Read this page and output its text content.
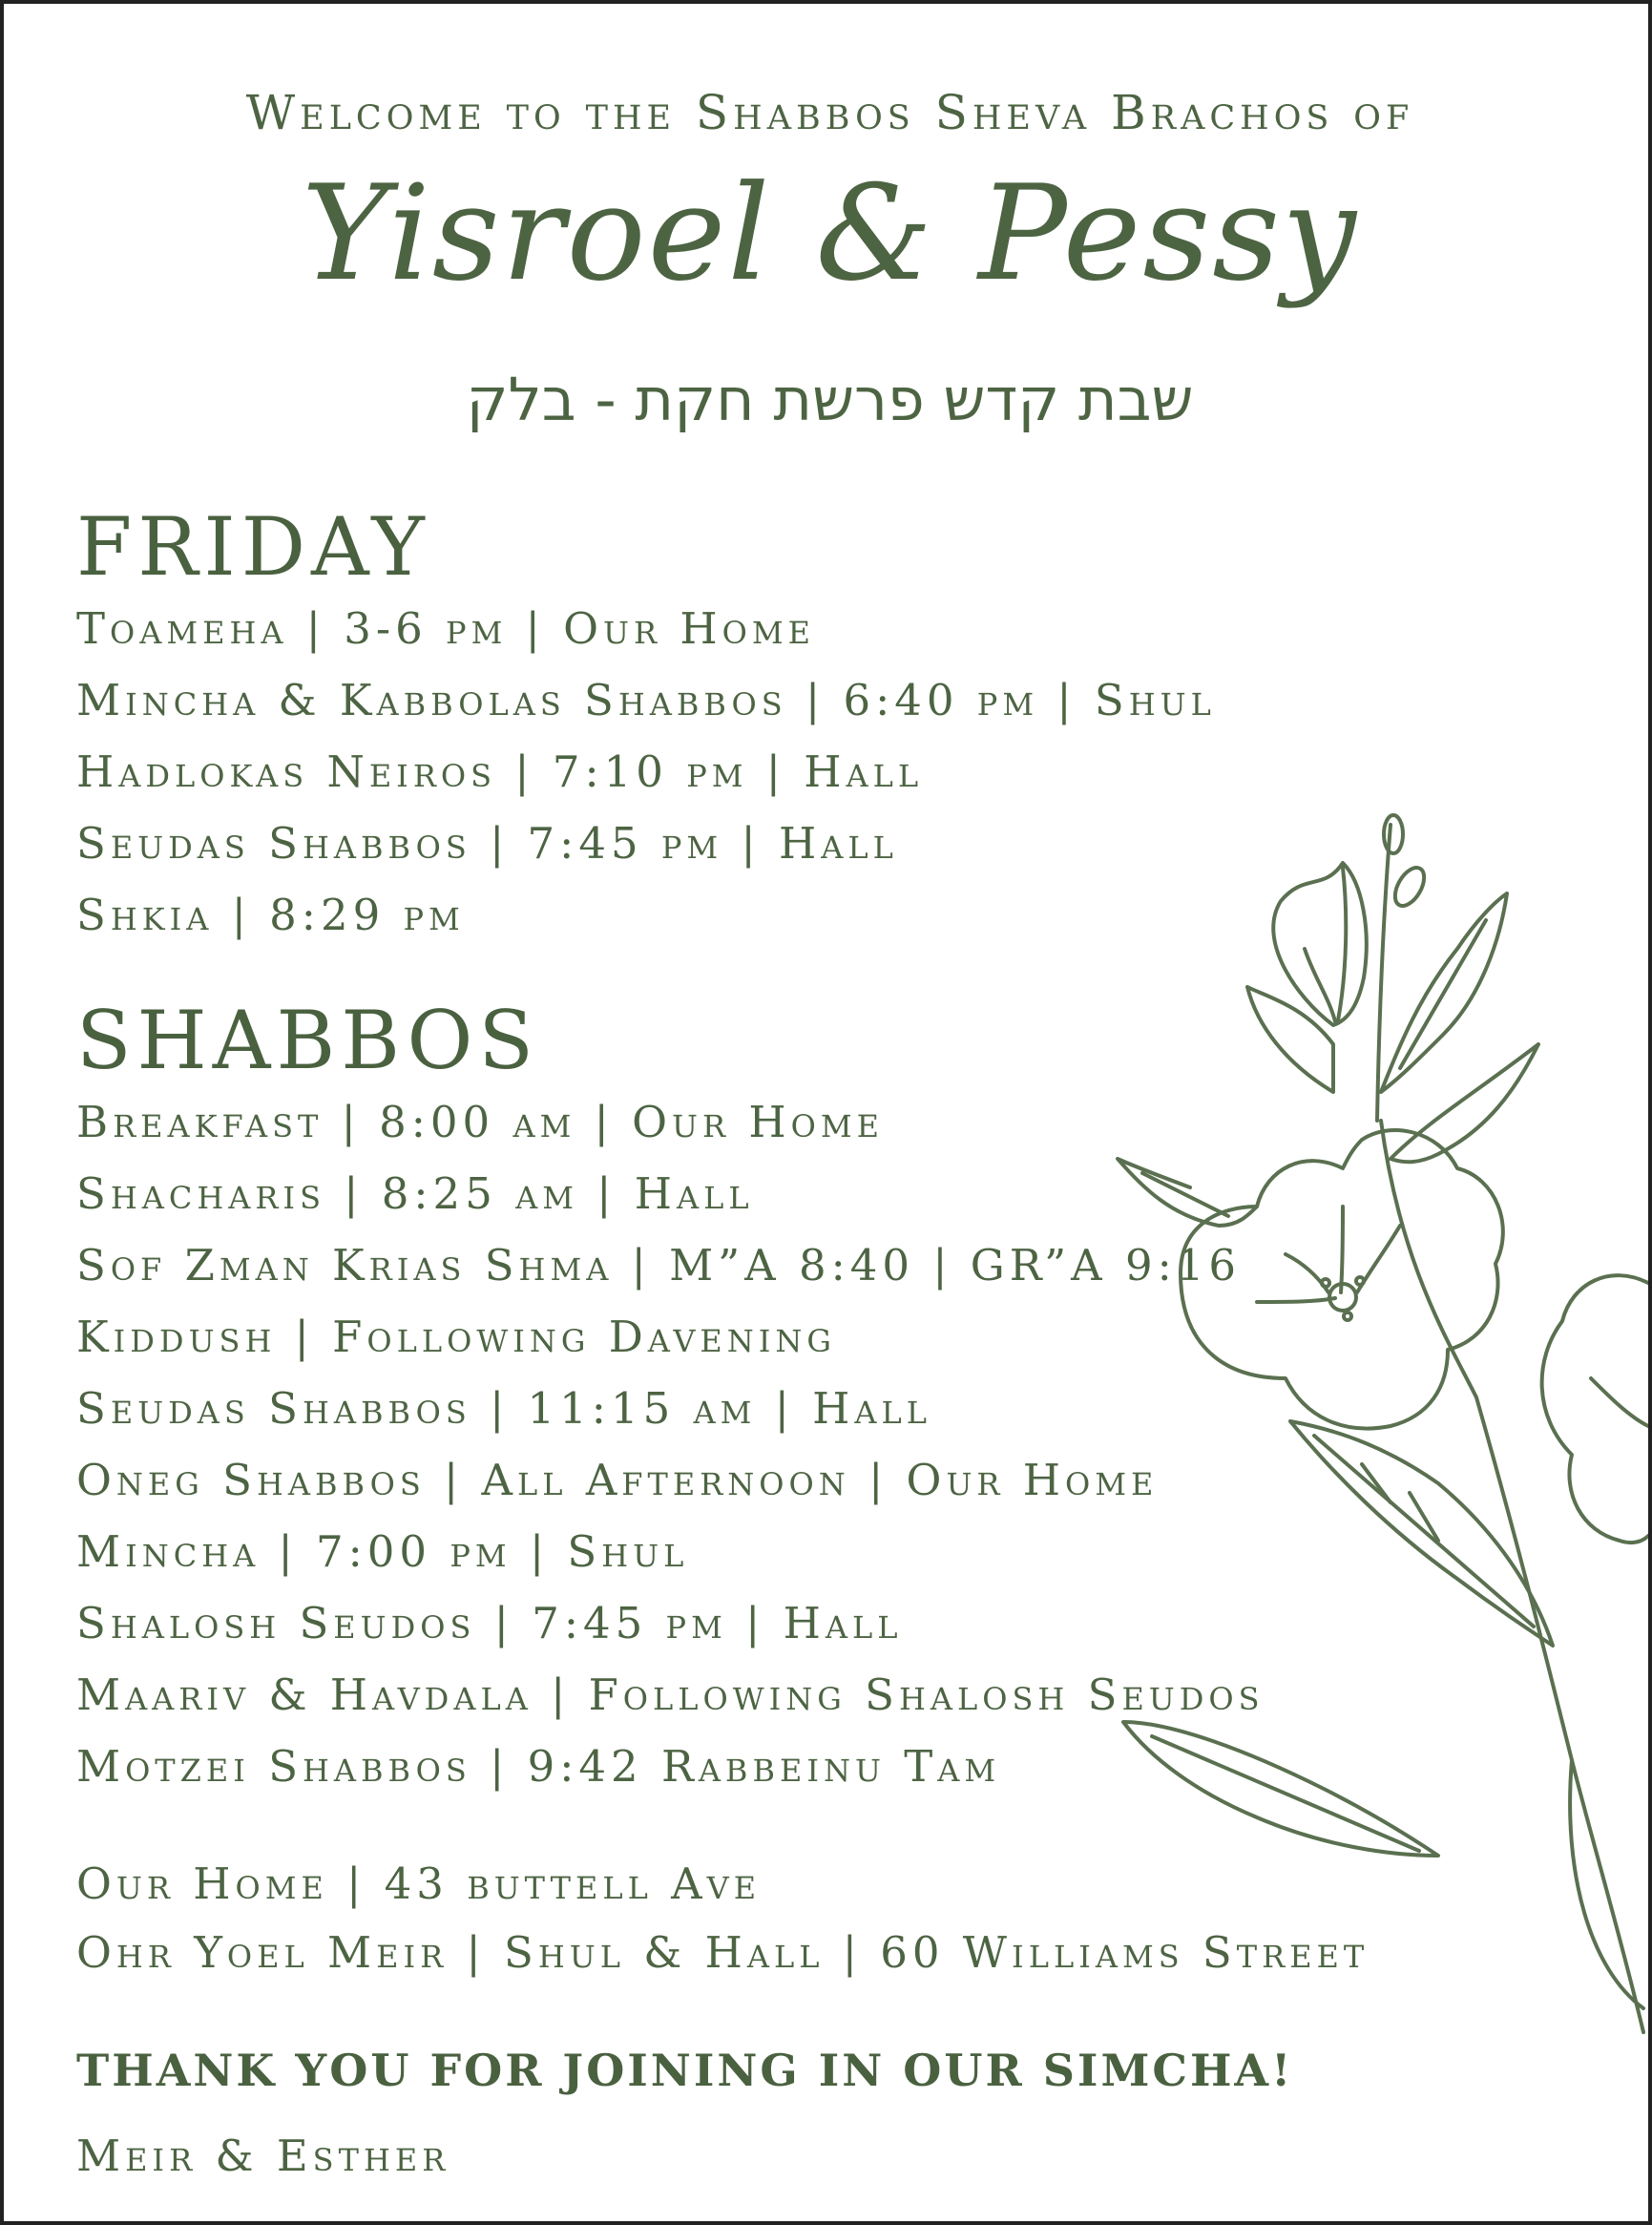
Welcome to the Shabbos Sheva Brachos of
Yisroel & Pessy
שבת קדש פרשת חקת - בלק
FRIDAY

Toameha | 3-6 pm | Our Home

Mincha & Kabbolas Shabbos | 6:40 pm | Shul

Hadlokas Neiros | 7:10 pm | Hall

Seudas Shabbos | 7:45 pm | Hall

Shkia | 8:29 pm

SHABBOS

Breakfast | 8:00 am | Our Home

Shacharis | 8:25 am | Hall

Sof Zman Krias Shma | M”A 8:40 | GR”A 9:16

Kiddush | Following Davening

Seudas Shabbos | 11:15 am | Hall

Oneg Shabbos | All Afternoon | Our Home

Mincha | 7:00 pm | Shul

Shalosh Seudos | 7:45 pm | Hall

Maariv & Havdala | Following Shalosh Seudos

Motzei Shabbos | 9:42 Rabbeinu Tam

Our Home | 43 buttell Ave

Ohr Yoel Meir | Shul & Hall | 60 Williams Street

THANK YOU FOR JOINING IN OUR SIMCHA!

Meir & Esther
